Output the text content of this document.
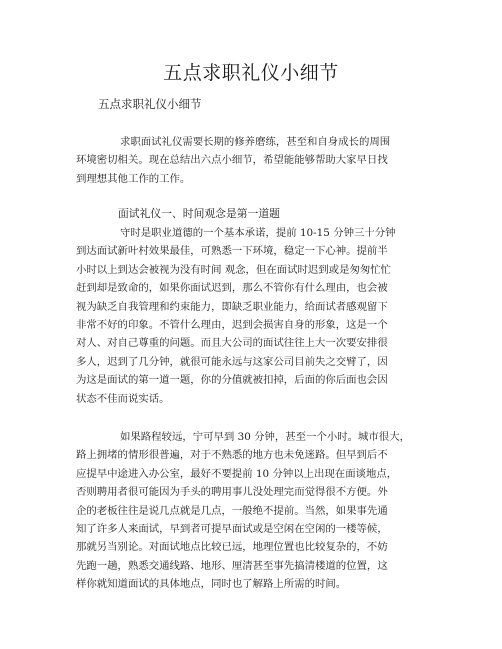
五点求职礼仪小细节
五点求职礼仪小细节
求职面试礼仪需要长期的修养磨练，甚至和自身成长的周围
环境密切相关。现在总结出六点小细节，希望能能够帮助大家早日找
到理想其他工作的工作。
面试礼仪一、时间观念是第一道题
守时是职业道德的一个基本承诺，提前 10-15 分钟三十分钟
到达面试新叶村效果最佳，可熟悉一下环境，稳定一下心神。提前半
小时以上到达会被视为没有时间 观念，但在面试时迟到或是匆匆忙忙
赶到却是致命的，如果你面试迟到，那么不管你有什么理由，也会被
视为缺乏自我管理和约束能力，即缺乏职业能力，给面试者感观留下
非常不好的印象。不管什么理由，迟到会损害自身的形象，这是一个
对人、对自己尊重的问题。而且大公司的面试往往上大一次要安排很
多人，迟到了几分钟，就很可能永远与这家公司目前失之交臂了，因
为这是面试的第一道一题，你的分值就被扣掉，后面的你后面也会因
状态不佳而说实话。
如果路程较远，宁可早到 30 分钟，甚至一个小时。城市很大，
路上拥堵的情形很普遍，对于不熟悉的地方也未免迷路。但早到后不
应提早中途进入办公室，最好不要提前 10 分钟以上出现在面谈地点，
否则聘用者很可能因为手头的聘用事儿没处理完而觉得很不方便。外
企的老板往往是说几点就是几点，一般绝不提前。当然，如果事先通
知了许多人来面试，早到者可提早面试或是空闲在空闲的一楼等候，
那就另当别论。对面试地点比较已远，地理位置也比较复杂的，不妨
先跑一趟，熟悉交通线路、地形、厘清甚至事先搞清楼道的位置，这
样你就知道面试的具体地点，同时也了解路上所需的时间。
